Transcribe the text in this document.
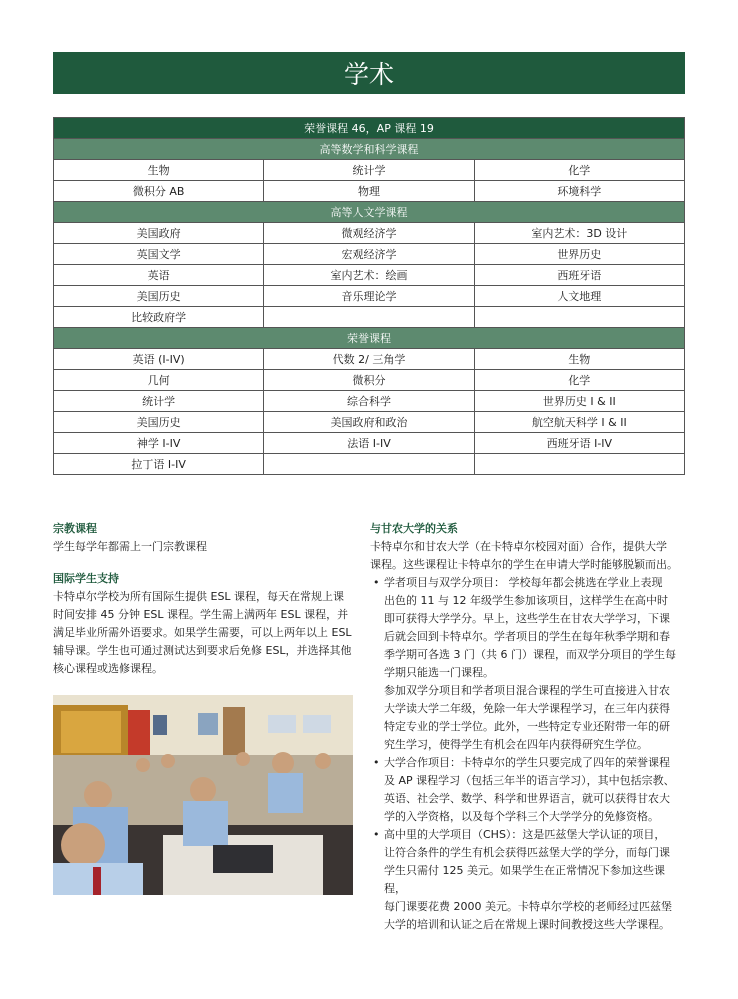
学术
荣誉课程 46，AP 课程 19
高等数学和科学课程
生物	统计学	化学
微积分 AB	物理	环境科学
高等人文学课程
美国政府	微观经济学	室内艺术：3D 设计
英国文学	宏观经济学	世界历史
英语	室内艺术：绘画	西班牙语
美国历史	音乐理论学	人文地理
比较政府学
荣誉课程
英语 (I-IV)	代数 2/ 三角学	生物
几何	微积分	化学
统计学	综合科学	世界历史 I & II
美国历史	美国政府和政治	航空航天科学 I & II
神学 I-IV	法语 I-IV	西班牙语 I-IV
拉丁语 I-IV
宗教课程
学生每学年都需上一门宗教课程
国际学生支持
卡特卓尔学校为所有国际生提供 ESL 课程，每天在常规上课
时间安排 45 分钟 ESL 课程。学生需上满两年 ESL 课程，并
满足毕业所需外语要求。如果学生需要，可以上两年以上 ESL
辅导课。学生也可通过测试达到要求后免修 ESL，并选择其他
核心课程或选修课程。
与甘农大学的关系
卡特卓尔和甘农大学（在卡特卓尔校园对面）合作，提供大学
课程。这些课程让卡特卓尔的学生在申请大学时能够脱颖而出。
• 学者项目与双学分项目： 学校每年都会挑选在学业上表现
出色的 11 与 12 年级学生参加该项目，这样学生在高中时
即可获得大学学分。早上，这些学生在甘农大学学习，下课
后就会回到卡特卓尔。学者项目的学生在每年秋季学期和春
季学期可各选 3 门（共 6 门）课程，而双学分项目的学生每
学期只能选一门课程。
参加双学分项目和学者项目混合课程的学生可直接进入甘农
大学读大学二年级，免除一年大学课程学习，在三年内获得
特定专业的学士学位。此外，一些特定专业还附带一年的研
究生学习，使得学生有机会在四年内获得研究生学位。
• 大学合作项目：卡特卓尔的学生只要完成了四年的荣誉课程
及 AP 课程学习（包括三年半的语言学习），其中包括宗教、
英语、社会学、数学、科学和世界语言，就可以获得甘农大
学的入学资格，以及每个学科三个大学学分的免修资格。
• 高中里的大学项目（CHS）：这是匹兹堡大学认证的项目，
让符合条件的学生有机会获得匹兹堡大学的学分，而每门课
学生只需付 125 美元。如果学生在正常情况下参加这些课程，
每门课要花费 2000 美元。卡特卓尔学校的老师经过匹兹堡
大学的培训和认证之后在常规上课时间教授这些大学课程。
